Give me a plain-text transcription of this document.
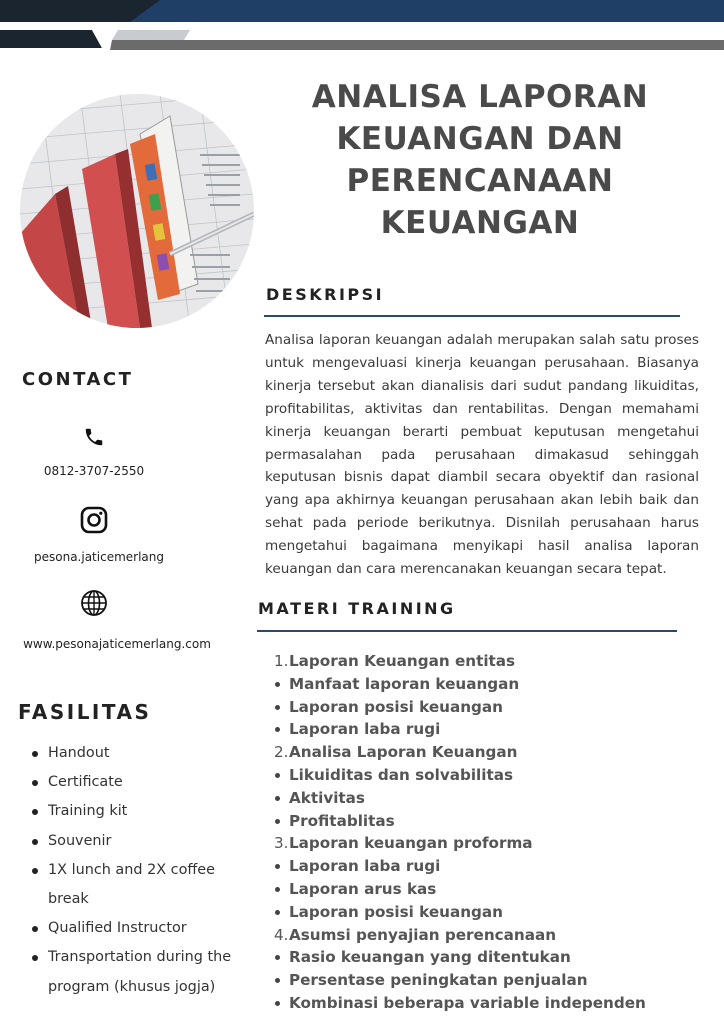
ANALISA LAPORAN
KEUANGAN DAN
PERENCANAAN
KEUANGAN
DESKRIPSI

Analisa laporan keuangan adalah merupakan salah satu proses untuk mengevaluasi kinerja keuangan perusahaan. Biasanya kinerja tersebut akan dianalisis dari sudut pandang likuiditas, profitabilitas, aktivitas dan rentabilitas. Dengan memahami kinerja keuangan berarti pembuat keputusan mengetahui permasalahan pada perusahaan dimakasud sehinggah keputusan bisnis dapat diambil secara obyektif dan rasional yang apa akhirnya keuangan perusahaan akan lebih baik dan sehat pada periode berikutnya. Disnilah perusahaan harus mengetahui bagaimana menyikapi hasil analisa laporan keuangan dan cara merencanakan keuangan secara tepat.

CONTACT
0812-3707-2550
pesona.jaticemerlang
www.pesonajaticemerlang.com
FASILITAS
Handout
Certificate
Training kit
Souvenir
1X lunch and 2X coffee break
Qualified Instructor
Transportation during the program (khusus jogja)
MATERI TRAINING
1. Laporan Keuangan entitas
Manfaat laporan keuangan
Laporan posisi keuangan
Laporan laba rugi
2. Analisa Laporan Keuangan
Likuiditas dan solvabilitas
Aktivitas
Profitablitas
3. Laporan keuangan proforma
Laporan laba rugi
Laporan arus kas
Laporan posisi keuangan
4. Asumsi penyajian perencanaan
Rasio keuangan yang ditentukan
Persentase peningkatan penjualan
Kombinasi beberapa variable independen
